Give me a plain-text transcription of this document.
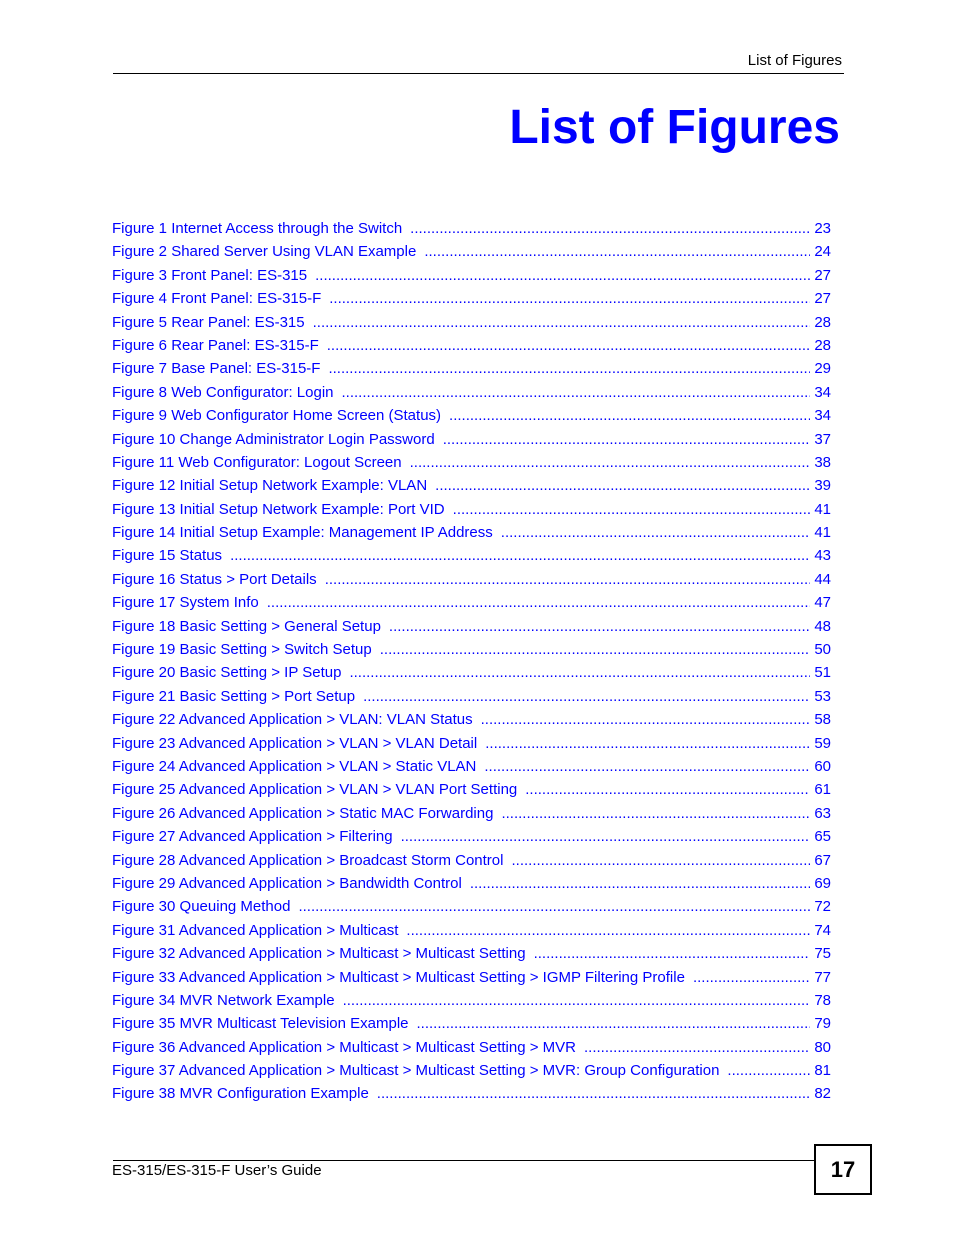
List of Figures
List of Figures
Figure 1 Internet Access through the Switch .....	23
Figure 2 Shared Server Using VLAN Example .....	24
Figure 3 Front Panel: ES-315 .....	27
Figure 4 Front Panel: ES-315-F .....	27
Figure 5 Rear Panel: ES-315 .....	28
Figure 6 Rear Panel: ES-315-F .....	28
Figure 7 Base Panel: ES-315-F .....	29
Figure 8 Web Configurator: Login .....	34
Figure 9 Web Configurator Home Screen (Status) .....	34
Figure 10 Change Administrator Login Password .....	37
Figure 11 Web Configurator: Logout Screen .....	38
Figure 12 Initial Setup Network Example: VLAN .....	39
Figure 13 Initial Setup Network Example: Port VID .....	41
Figure 14 Initial Setup Example: Management IP Address .....	41
Figure 15 Status .....	43
Figure 16 Status > Port Details .....	44
Figure 17 System Info .....	47
Figure 18 Basic Setting > General Setup .....	48
Figure 19 Basic Setting > Switch Setup .....	50
Figure 20 Basic Setting > IP Setup .....	51
Figure 21 Basic Setting > Port Setup .....	53
Figure 22 Advanced Application > VLAN: VLAN Status .....	58
Figure 23 Advanced Application > VLAN > VLAN Detail .....	59
Figure 24 Advanced Application > VLAN > Static VLAN .....	60
Figure 25 Advanced Application > VLAN > VLAN Port Setting .....	61
Figure 26 Advanced Application > Static MAC Forwarding .....	63
Figure 27 Advanced Application > Filtering .....	65
Figure 28 Advanced Application > Broadcast Storm Control .....	67
Figure 29 Advanced Application > Bandwidth Control .....	69
Figure 30 Queuing Method .....	72
Figure 31 Advanced Application > Multicast .....	74
Figure 32 Advanced Application > Multicast > Multicast Setting .....	75
Figure 33 Advanced Application > Multicast > Multicast Setting > IGMP Filtering Profile .....	77
Figure 34 MVR Network Example .....	78
Figure 35 MVR Multicast Television Example .....	79
Figure 36 Advanced Application > Multicast > Multicast Setting > MVR .....	80
Figure 37 Advanced Application > Multicast > Multicast Setting > MVR: Group Configuration .....	81
Figure 38 MVR Configuration Example .....	82
ES-315/ES-315-F User’s Guide	17
